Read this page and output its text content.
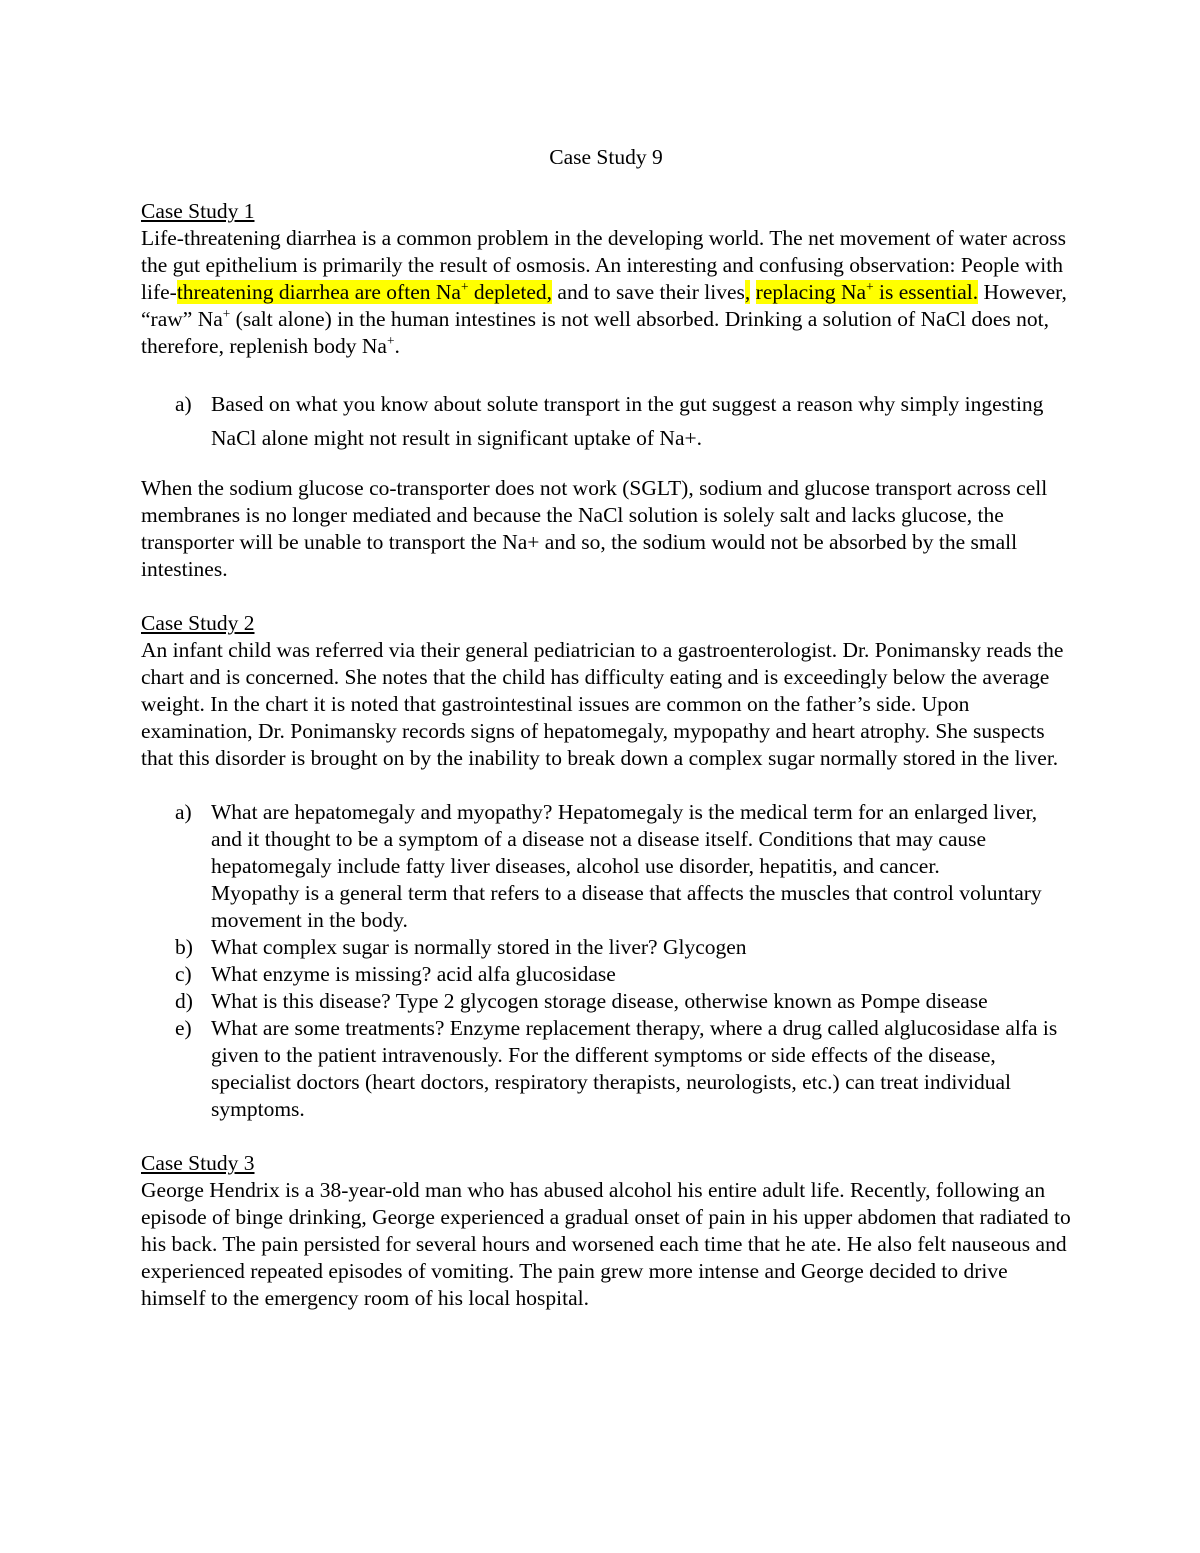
Case Study 9

Case Study 1

Life-threatening diarrhea is a common problem in the developing world. The net movement of water across the gut epithelium is primarily the result of osmosis. An interesting and confusing observation: People with life-threatening diarrhea are often Na+ depleted, and to save their lives, replacing Na+ is essential. However, “raw” Na+ (salt alone) in the human intestines is not well absorbed. Drinking a solution of NaCl does not, therefore, replenish body Na+.

a) Based on what you know about solute transport in the gut suggest a reason why simply ingesting NaCl alone might not result in significant uptake of Na+.

When the sodium glucose co-transporter does not work (SGLT), sodium and glucose transport across cell membranes is no longer mediated and because the NaCl solution is solely salt and lacks glucose, the transporter will be unable to transport the Na+ and so, the sodium would not be absorbed by the small intestines.

Case Study 2

An infant child was referred via their general pediatrician to a gastroenterologist. Dr. Ponimansky reads the chart and is concerned. She notes that the child has difficulty eating and is exceedingly below the average weight. In the chart it is noted that gastrointestinal issues are common on the father’s side. Upon examination, Dr. Ponimansky records signs of hepatomegaly, mypopathy and heart atrophy. She suspects that this disorder is brought on by the inability to break down a complex sugar normally stored in the liver.

a) What are hepatomegaly and myopathy? Hepatomegaly is the medical term for an enlarged liver, and it thought to be a symptom of a disease not a disease itself. Conditions that may cause hepatomegaly include fatty liver diseases, alcohol use disorder, hepatitis, and cancer.
Myopathy is a general term that refers to a disease that affects the muscles that control voluntary movement in the body.
b) What complex sugar is normally stored in the liver? Glycogen
c) What enzyme is missing? acid alfa glucosidase
d) What is this disease? Type 2 glycogen storage disease, otherwise known as Pompe disease
e) What are some treatments? Enzyme replacement therapy, where a drug called alglucosidase alfa is given to the patient intravenously. For the different symptoms or side effects of the disease, specialist doctors (heart doctors, respiratory therapists, neurologists, etc.) can treat individual symptoms.

Case Study 3

George Hendrix is a 38-year-old man who has abused alcohol his entire adult life. Recently, following an episode of binge drinking, George experienced a gradual onset of pain in his upper abdomen that radiated to his back. The pain persisted for several hours and worsened each time that he ate. He also felt nauseous and experienced repeated episodes of vomiting. The pain grew more intense and George decided to drive himself to the emergency room of his local hospital.
